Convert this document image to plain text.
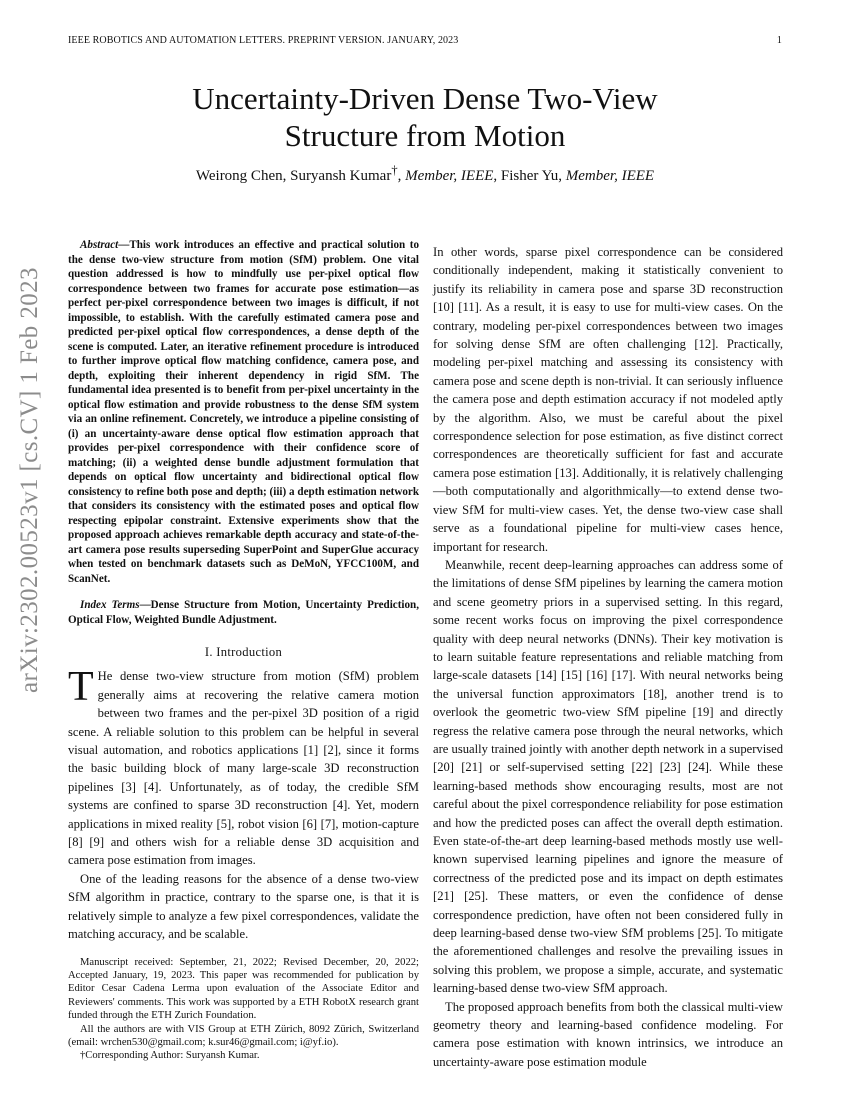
IEEE ROBOTICS AND AUTOMATION LETTERS. PREPRINT VERSION. JANUARY, 2023	1
arXiv:2302.00523v1 [cs.CV] 1 Feb 2023
Uncertainty-Driven Dense Two-View
Structure from Motion
Weirong Chen, Suryansh Kumar†, Member, IEEE, Fisher Yu, Member, IEEE

Abstract—This work introduces an effective and practical solution to the dense two-view structure from motion (SfM) problem. One vital question addressed is how to mindfully use per-pixel optical flow correspondence between two frames for accurate pose estimation—as perfect per-pixel correspondence between two images is difficult, if not impossible, to establish. With the carefully estimated camera pose and predicted per-pixel optical flow correspondences, a dense depth of the scene is computed. Later, an iterative refinement procedure is introduced to further improve optical flow matching confidence, camera pose, and depth, exploiting their inherent dependency in rigid SfM. The fundamental idea presented is to benefit from per-pixel uncertainty in the optical flow estimation and provide robustness to the dense SfM system via an online refinement. Concretely, we introduce a pipeline consisting of (i) an uncertainty-aware dense optical flow estimation approach that provides per-pixel correspondence with their confidence score of matching; (ii) a weighted dense bundle adjustment formulation that depends on optical flow uncertainty and bidirectional optical flow consistency to refine both pose and depth; (iii) a depth estimation network that considers its consistency with the estimated poses and optical flow respecting epipolar constraint. Extensive experiments show that the proposed approach achieves remarkable depth accuracy and state-of-the-art camera pose results superseding SuperPoint and SuperGlue accuracy when tested on benchmark datasets such as DeMoN, YFCC100M, and ScanNet.

Index Terms—Dense Structure from Motion, Uncertainty Prediction, Optical Flow, Weighted Bundle Adjustment.

I. Introduction

T He dense two-view structure from motion (SfM) problem generally aims at recovering the relative camera motion between two frames and the per-pixel 3D position of a rigid scene. A reliable solution to this problem can be helpful in several visual automation, and robotics applications [1] [2], since it forms the basic building block of many large-scale 3D reconstruction pipelines [3] [4]. Unfortunately, as of today, the credible SfM systems are confined to sparse 3D reconstruction [4]. Yet, modern applications in mixed reality [5], robot vision [6] [7], motion-capture [8] [9] and others wish for a reliable dense 3D acquisition and camera pose estimation from images.

One of the leading reasons for the absence of a dense two-view SfM algorithm in practice, contrary to the sparse one, is that it is relatively simple to analyze a few pixel correspondences, validate the matching accuracy, and be scalable.

Manuscript received: September, 21, 2022; Revised December, 20, 2022; Accepted January, 19, 2023. This paper was recommended for publication by Editor Cesar Cadena Lerma upon evaluation of the Associate Editor and Reviewers' comments. This work was supported by a ETH RobotX research grant funded through the ETH Zurich Foundation.

All the authors are with VIS Group at ETH Zürich, 8092 Zürich, Switzerland (email: wrchen530@gmail.com; k.sur46@gmail.com; i@yf.io).

†Corresponding Author: Suryansh Kumar.

In other words, sparse pixel correspondence can be considered conditionally independent, making it statistically convenient to justify its reliability in camera pose and sparse 3D reconstruction [10] [11]. As a result, it is easy to use for multi-view cases. On the contrary, modeling per-pixel correspondences between two images for solving dense SfM are often challenging [12]. Practically, modeling per-pixel matching and assessing its consistency with camera pose and scene depth is non-trivial. It can seriously influence the camera pose and depth estimation accuracy if not modeled aptly by the algorithm. Also, we must be careful about the pixel correspondence selection for pose estimation, as five distinct correct correspondences are theoretically sufficient for fast and accurate camera pose estimation [13]. Additionally, it is relatively challenging—both computationally and algorithmically—to extend dense two-view SfM for multi-view cases. Yet, the dense two-view case shall serve as a foundational pipeline for multi-view cases hence, important for research.

Meanwhile, recent deep-learning approaches can address some of the limitations of dense SfM pipelines by learning the camera motion and scene geometry priors in a supervised setting. In this regard, some recent works focus on improving the pixel correspondence quality with deep neural networks (DNNs). Their key motivation is to learn suitable feature representations and reliable matching from large-scale datasets [14] [15] [16] [17]. With neural networks being the universal function approximators [18], another trend is to overlook the geometric two-view SfM pipeline [19] and directly regress the relative camera pose through the neural networks, which are usually trained jointly with another depth network in a supervised [20] [21] or self-supervised setting [22] [23] [24]. While these learning-based methods show encouraging results, most are not careful about the pixel correspondence reliability for pose estimation and how the predicted poses can affect the overall depth estimation. Even state-of-the-art deep learning-based methods mostly use well-known supervised learning pipelines and ignore the measure of correctness of the predicted pose and its impact on depth estimates [21] [25]. These matters, or even the confidence of dense correspondence prediction, have often not been considered fully in deep learning-based dense two-view SfM problems [25]. To mitigate the aforementioned challenges and resolve the prevailing issues in solving this problem, we propose a simple, accurate, and systematic learning-based dense two-view SfM approach.

The proposed approach benefits from both the classical multi-view geometry theory and learning-based confidence modeling. For camera pose estimation with known intrinsics, we introduce an uncertainty-aware pose estimation module
